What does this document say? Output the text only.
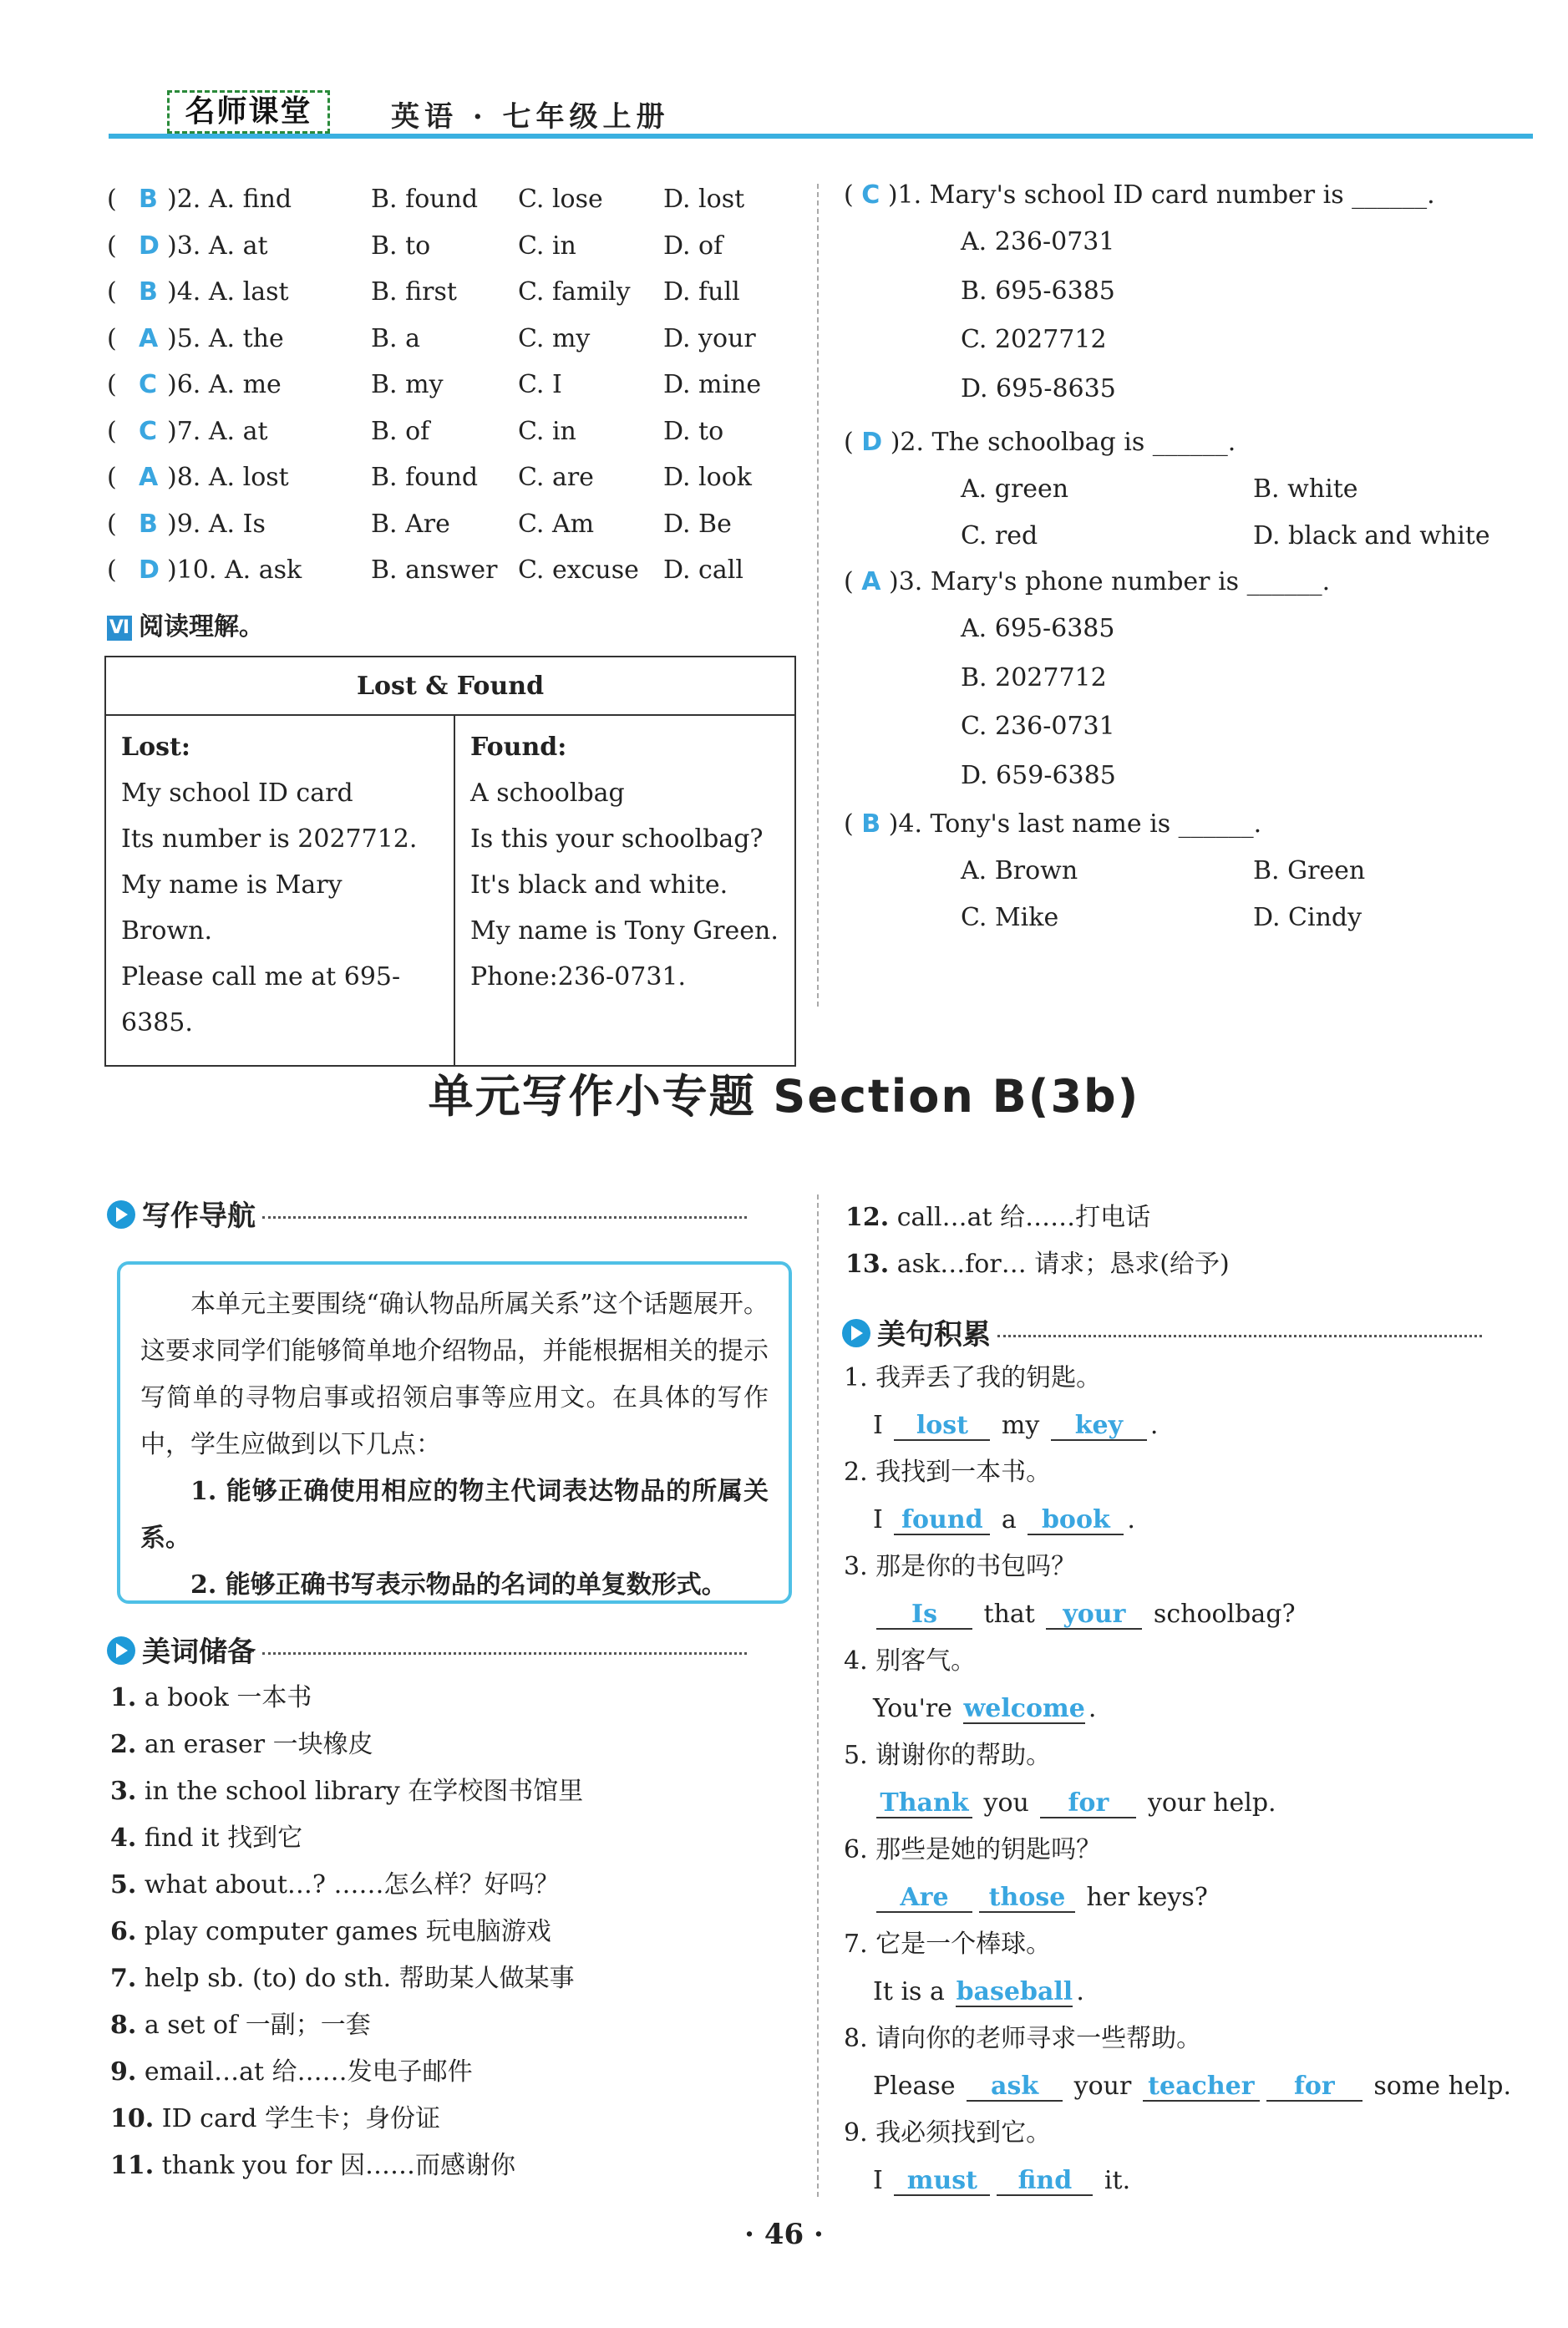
名师课堂	英语 · 七年级上册
( B )2. A. find	B. found C. lose D. lost
( D )3. A. at	B. to	C. in	D. of
( B )4. A. last	B. first C. family D. full
( A )5. A. the	B. a	C. my	D. your
( C )6. A. me	B. my	C. I	D. mine
( C )7. A. at	B. of	C. in	D. to
( A )8. A. lost	B. found C. are	D. look
( B )9. A. Is	B. Are	C. Am	D. Be
( D )10. A. ask	B. answer C. excuse D. call
Ⅵ 阅读理解。
Lost & Found

Lost:
My school ID card
Its number is 2027712.
My name is Mary Brown.
Please call me at 695-6385.

Found:
A schoolbag
Is this your schoolbag?
It's black and white.
My name is Tony Green.
Phone:236-0731.
( C )1. Mary's school ID card number is ______.
A. 236-0731
B. 695-6385
C. 2027712
D. 695-8635
( D )2. The schoolbag is ______.
A. green	B. white
C. red	D. black and white
( A )3. Mary's phone number is ______.
A. 695-6385
B. 2027712
C. 236-0731
D. 659-6385
( B )4. Tony's last name is ______.
A. Brown	B. Green
C. Mike	D. Cindy
单元写作小专题 Section B(3b)
写作导航

本单元主要围绕“确认物品所属关系”这个话题展开。这要求同学们能够简单地介绍物品，并能根据相关的提示写简单的寻物启事或招领启事等应用文。在具体的写作中，学生应做到以下几点：

1. 能够正确使用相应的物主代词表达物品的所属关系。

2. 能够正确书写表示物品的名词的单复数形式。

美词储备
1. a book 一本书
2. an eraser 一块橡皮
3. in the school library 在学校图书馆里
4. find it 找到它
5. what about…? ……怎么样？好吗？
6. play computer games 玩电脑游戏
7. help sb. (to) do sth. 帮助某人做某事
8. a set of 一副；一套
9. email…at 给……发电子邮件
10. ID card 学生卡；身份证
11. thank you for 因……而感谢你
12. call…at 给……打电话
13. ask…for… 请求；恳求(给予)
美句积累
1. 我弄丢了我的钥匙。
I lost my key .
2. 我找到一本书。
I found a book .
3. 那是你的书包吗？
Is that your schoolbag?
4. 别客气。
You're welcome .
5. 谢谢你的帮助。
Thank you for your help.
6. 那些是她的钥匙吗？
Are those her keys?
7. 它是一个棒球。
It is a baseball .
8. 请向你的老师寻求一些帮助。
Please ask your teacher for some help.
9. 我必须找到它。
I must find it.
· 46 ·
